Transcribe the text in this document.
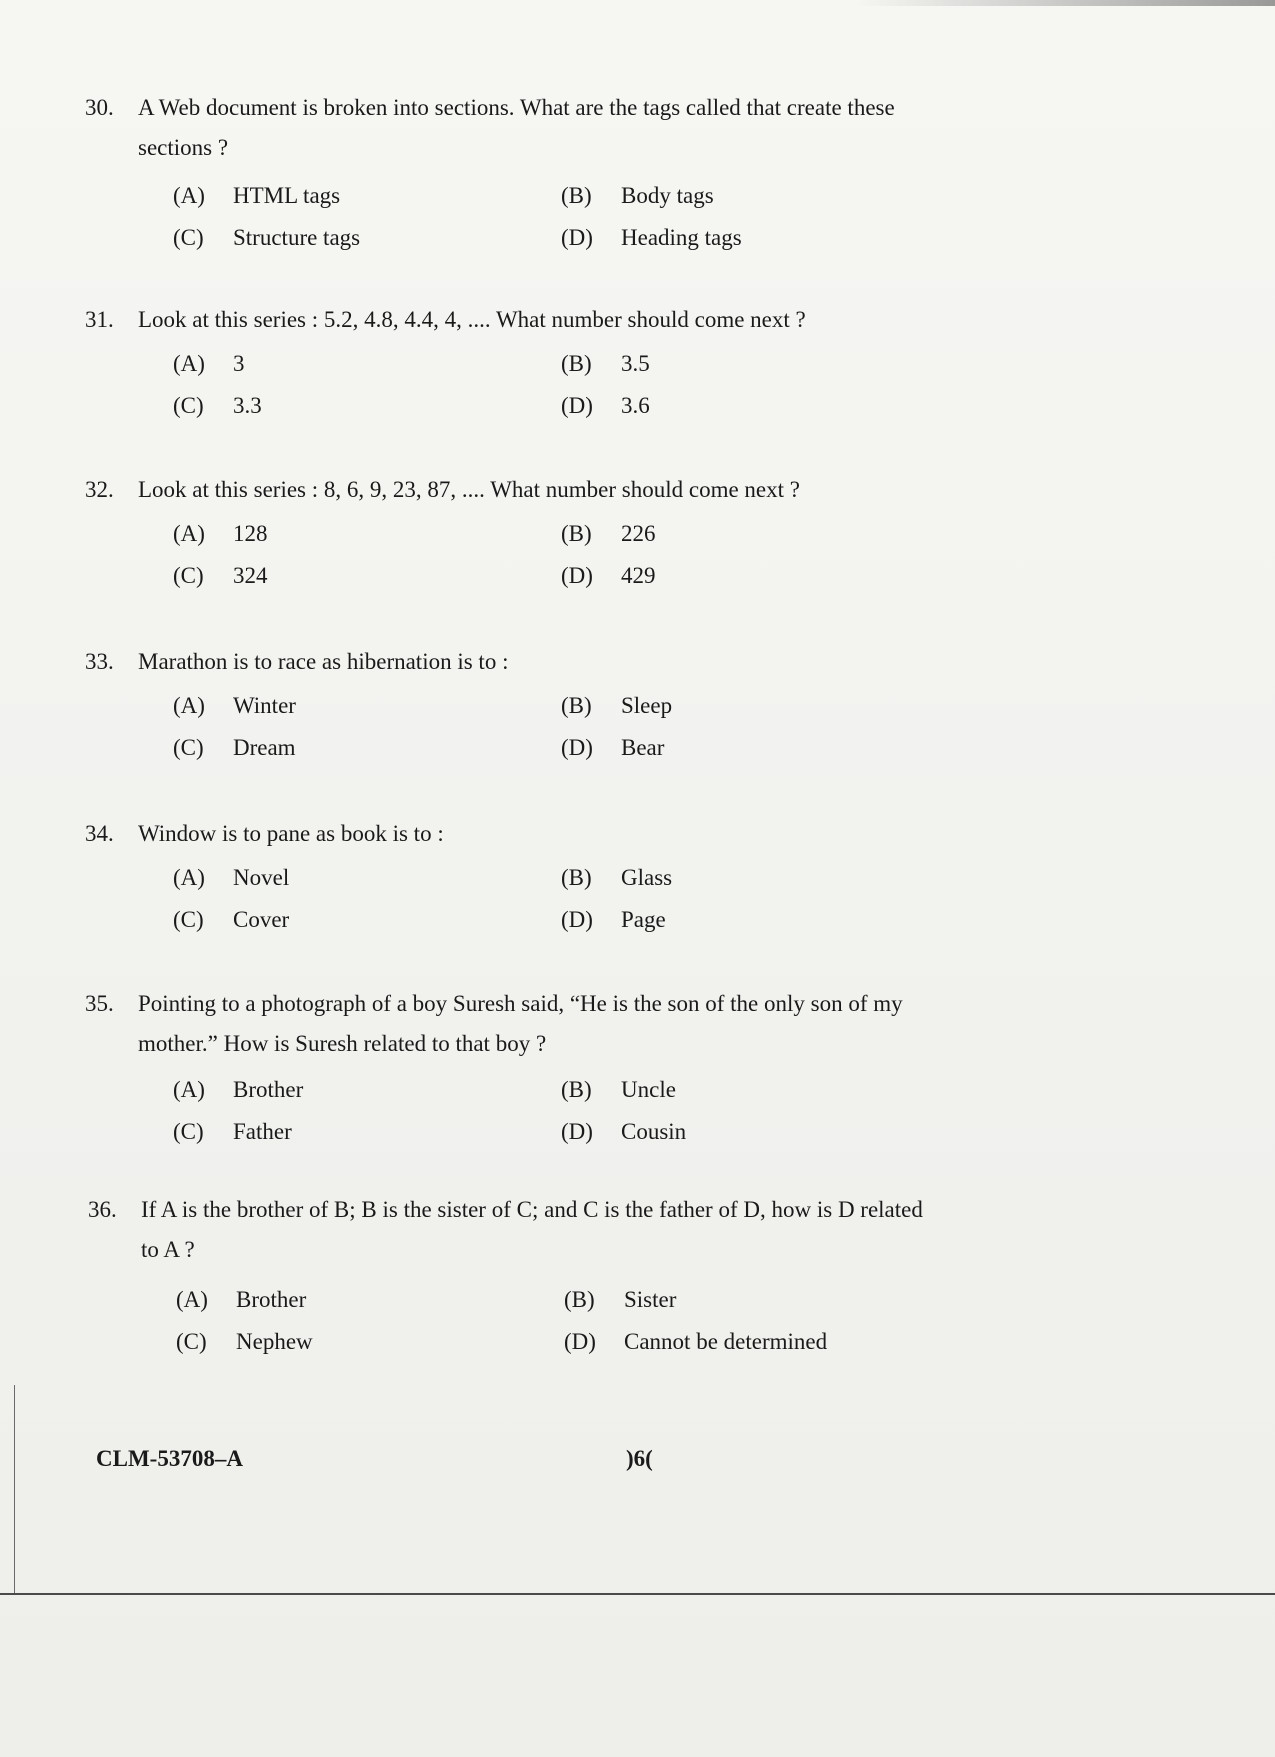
30. A Web document is broken into sections. What are the tags called that create these sections ?
(A) HTML tags	(B) Body tags
(C) Structure tags	(D) Heading tags
31. Look at this series : 5.2, 4.8, 4.4, 4, .... What number should come next ?
(A) 3	(B) 3.5
(C) 3.3	(D) 3.6
32. Look at this series : 8, 6, 9, 23, 87, .... What number should come next ?
(A) 128	(B) 226
(C) 324	(D) 429
33. Marathon is to race as hibernation is to :
(A) Winter	(B) Sleep
(C) Dream	(D) Bear
34. Window is to pane as book is to :
(A) Novel	(B) Glass
(C) Cover	(D) Page
35. Pointing to a photograph of a boy Suresh said, “He is the son of the only son of my mother.” How is Suresh related to that boy ?
(A) Brother	(B) Uncle
(C) Father	(D) Cousin
36. If A is the brother of B; B is the sister of C; and C is the father of D, how is D related to A ?
(A) Brother	(B) Sister
(C) Nephew	(D) Cannot be determined
CLM-53708–A	)6(
